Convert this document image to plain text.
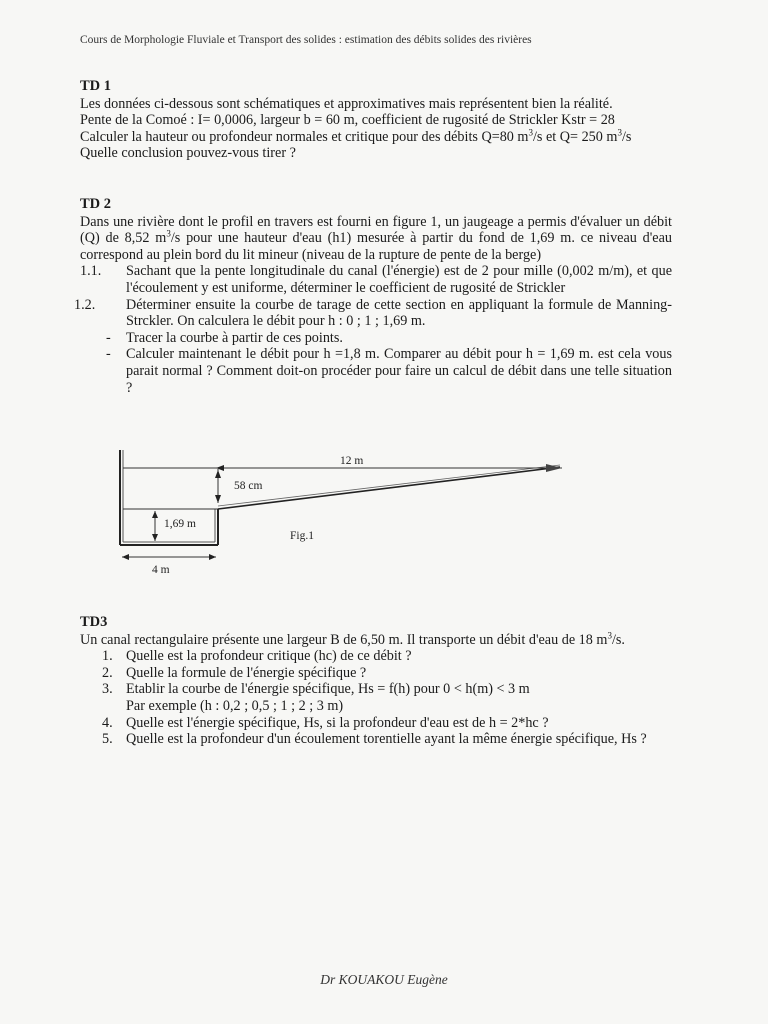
Cours de Morphologie Fluviale et Transport des solides : estimation des débits solides des rivières
TD 1

Les données ci-dessous sont schématiques et approximatives mais représentent bien la réalité.

Pente de la Comoé : I= 0,0006, largeur b = 60 m, coefficient de rugosité de Strickler Kstr = 28

Calculer la hauteur ou profondeur normales et critique pour des débits Q=80 $m^3/s$ et Q= 250 $m^3/s$

Quelle conclusion pouvez-vous tirer ?

TD 2

Dans une rivière dont le profil en travers est fourni en figure 1, un jaugeage a permis d'évaluer un débit (Q) de 8,52 $m^3/s$ pour une hauteur d'eau (h1) mesurée à partir du fond de 1,69 m. ce niveau d'eau correspond au plein bord du lit mineur (niveau de la rupture de pente de la berge)

1.1. Sachant que la pente longitudinale du canal (l'énergie) est de 2 pour mille (0,002 m/m), et que l'écoulement y est uniforme, déterminer le coefficient de rugosité de Strickler
1.2. Déterminer ensuite la courbe de tarage de cette section en appliquant la formule de Manning-Strckler. On calculera le débit pour h : 0 ; 1 ; 1,69 m.
- Tracer la courbe à partir de ces points.
- Calculer maintenant le débit pour h =1,8 m. Comparer au débit pour h = 1,69 m. est cela vous parait normal ? Comment doit-on procéder pour faire un calcul de débit dans une telle situation ?
12 m
58 cm
1,69 m
4 m
Fig.1
TD3

Un canal rectangulaire présente une largeur B de 6,50 m. Il transporte un débit d'eau de 18 $m^3/s$.

1. Quelle est la profondeur critique (hc) de ce débit ?
2. Quelle la formule de l'énergie spécifique ?
3. Etablir la courbe de l'énergie spécifique, Hs = f(h) pour 0 < h(m) < 3 m
Par exemple (h : 0,2 ; 0,5 ; 1 ; 2 ; 3 m)
4. Quelle est l'énergie spécifique, Hs, si la profondeur d'eau est de h = 2*hc ?
5. Quelle est la profondeur d'un écoulement torentielle ayant la même énergie spécifique, Hs ?
Dr KOUAKOU Eugène
